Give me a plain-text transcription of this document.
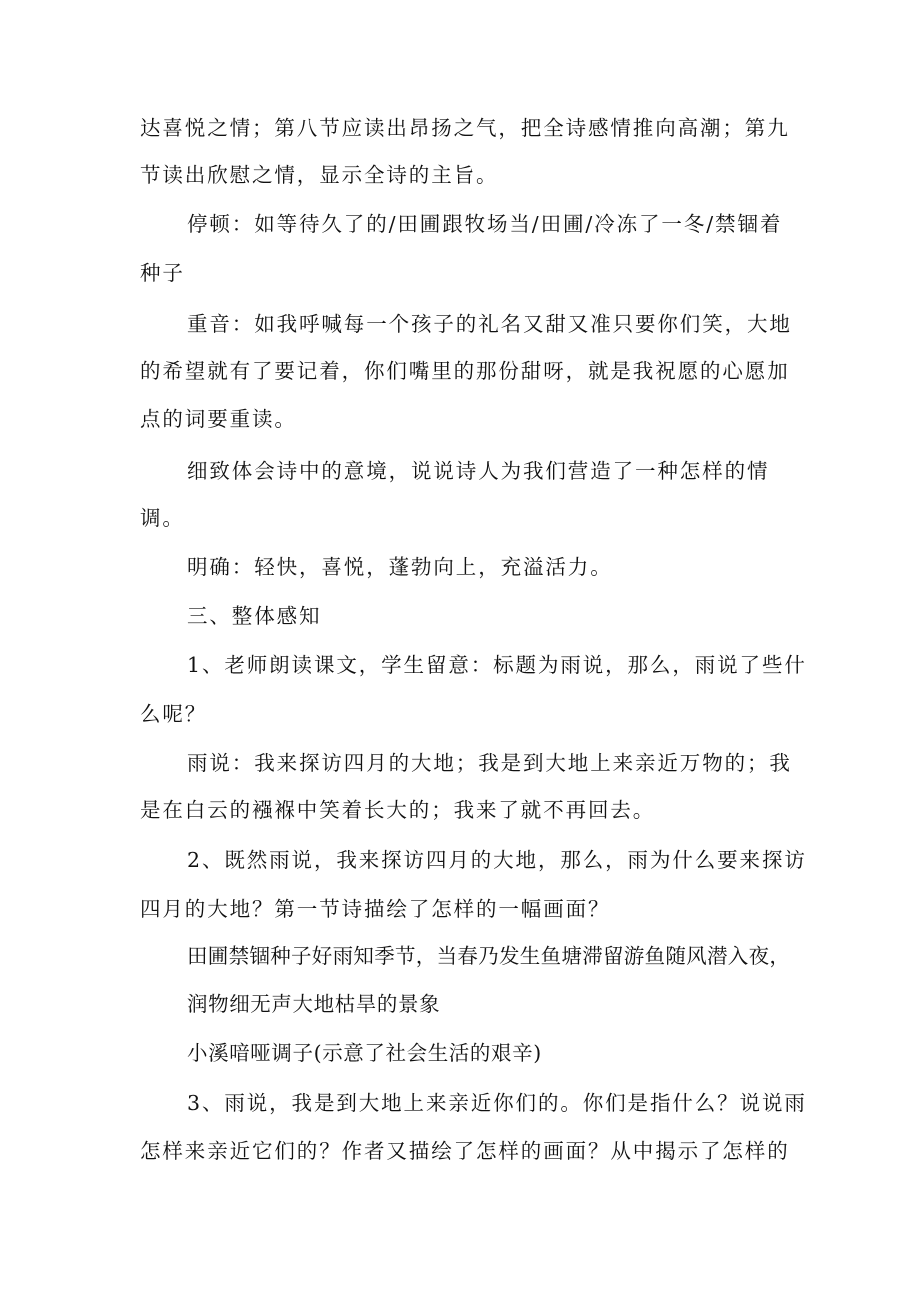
达喜悦之情；第八节应读出昂扬之气，把全诗感情推向高潮；第九
节读出欣慰之情，显示全诗的主旨。
停顿：如等待久了的/田圃跟牧场当/田圃/冷冻了一冬/禁锢着
种子
重音：如我呼喊每一个孩子的礼名又甜又准只要你们笑，大地
的希望就有了要记着，你们嘴里的那份甜呀，就是我祝愿的心愿加
点的词要重读。
细致体会诗中的意境，说说诗人为我们营造了一种怎样的情
调。
明确：轻快，喜悦，蓬勃向上，充溢活力。
三、整体感知
1、老师朗读课文，学生留意：标题为雨说，那么，雨说了些什
么呢？
雨说：我来探访四月的大地；我是到大地上来亲近万物的；我
是在白云的襁褓中笑着长大的；我来了就不再回去。
2、既然雨说，我来探访四月的大地，那么，雨为什么要来探访
四月的大地？第一节诗描绘了怎样的一幅画面？
田圃禁锢种子好雨知季节，当春乃发生鱼塘滞留游鱼随风潜入夜，
润物细无声大地枯旱的景象
小溪喑哑调子(示意了社会生活的艰辛)
3、雨说，我是到大地上来亲近你们的。你们是指什么？说说雨
怎样来亲近它们的？作者又描绘了怎样的画面？从中揭示了怎样的
